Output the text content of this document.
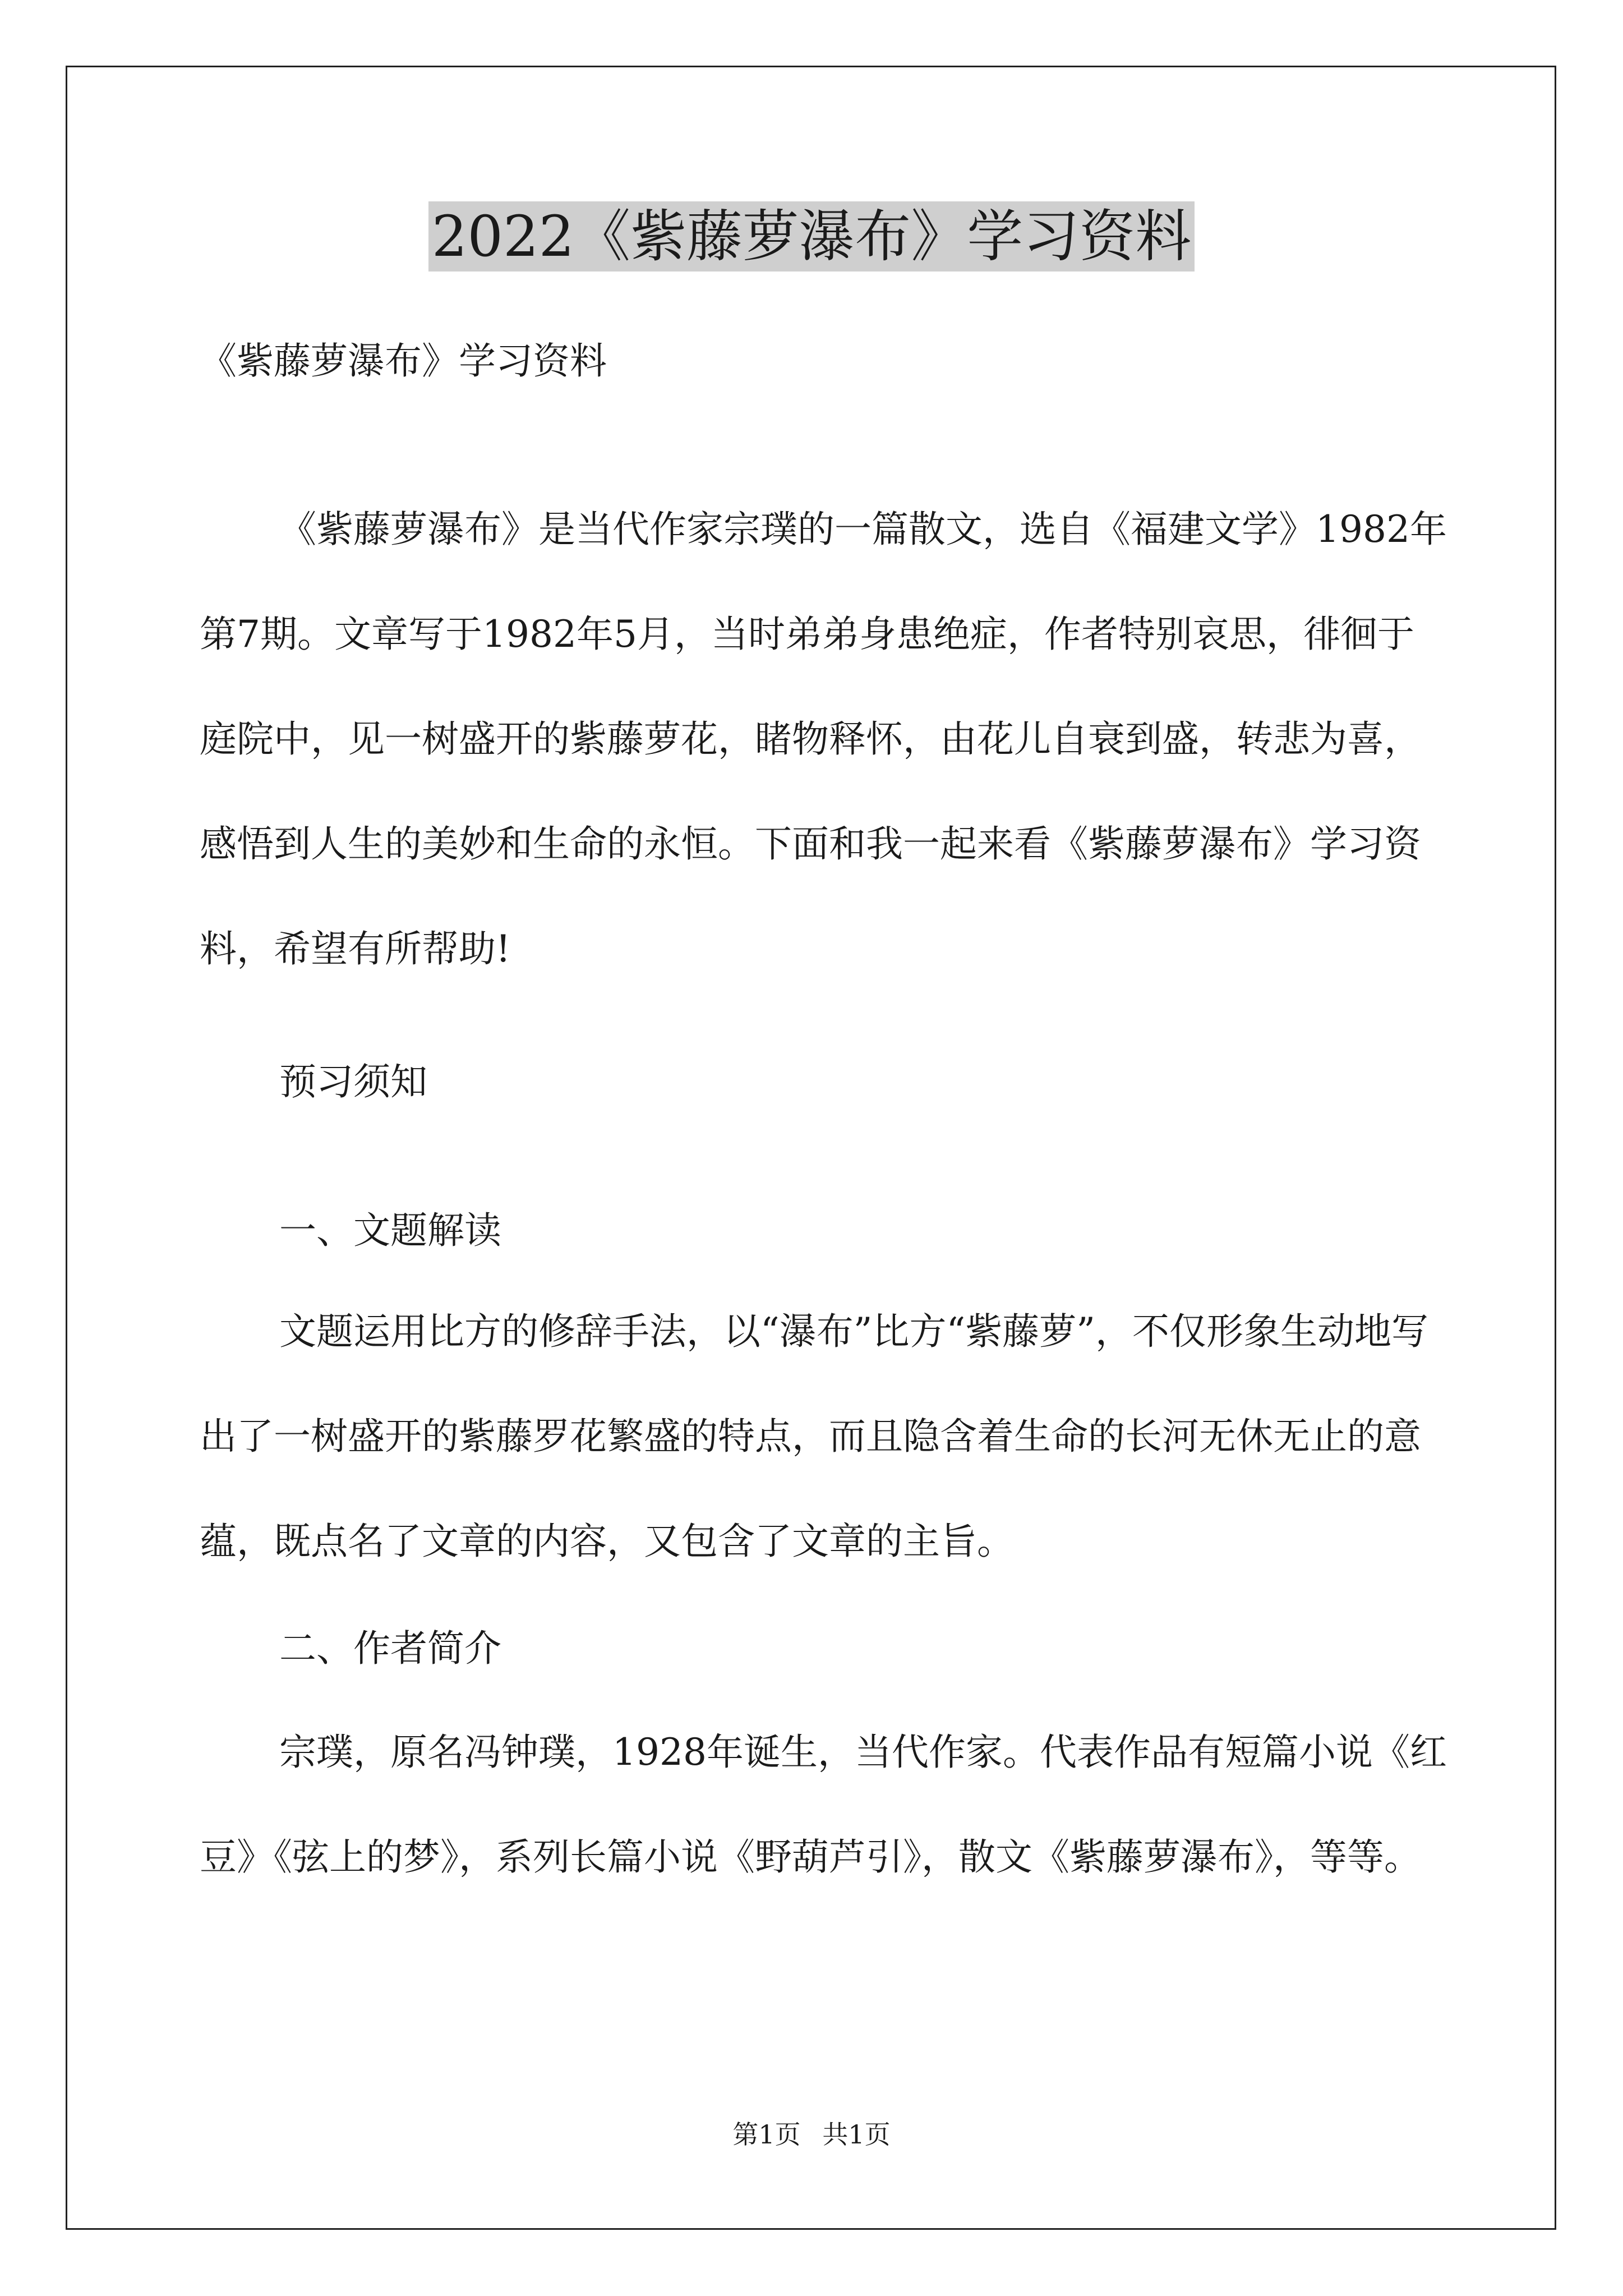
2022《紫藤萝瀑布》学习资料

《紫藤萝瀑布》学习资料

《紫藤萝瀑布》是当代作家宗璞的一篇散文，选自《福建文学》1982年第7期。文章写于1982年5月，当时弟弟身患绝症，作者特别哀思，徘徊于庭院中，见一树盛开的紫藤萝花，睹物释怀，由花儿自衰到盛，转悲为喜，感悟到人生的美妙和生命的永恒。下面和我一起来看《紫藤萝瀑布》学习资料，希望有所帮助!

预习须知

一、文题解读

文题运用比方的修辞手法，以“瀑布”比方“紫藤萝”，不仅形象生动地写出了一树盛开的紫藤罗花繁盛的特点，而且隐含着生命的长河无休无止的意蕴，既点名了文章的内容，又包含了文章的主旨。

二、作者简介

宗璞，原名冯钟璞，1928年诞生，当代作家。代表作品有短篇小说《红豆》《弦上的梦》，系列长篇小说《野葫芦引》，散文《紫藤萝瀑布》，等等。

第1页 共1页
